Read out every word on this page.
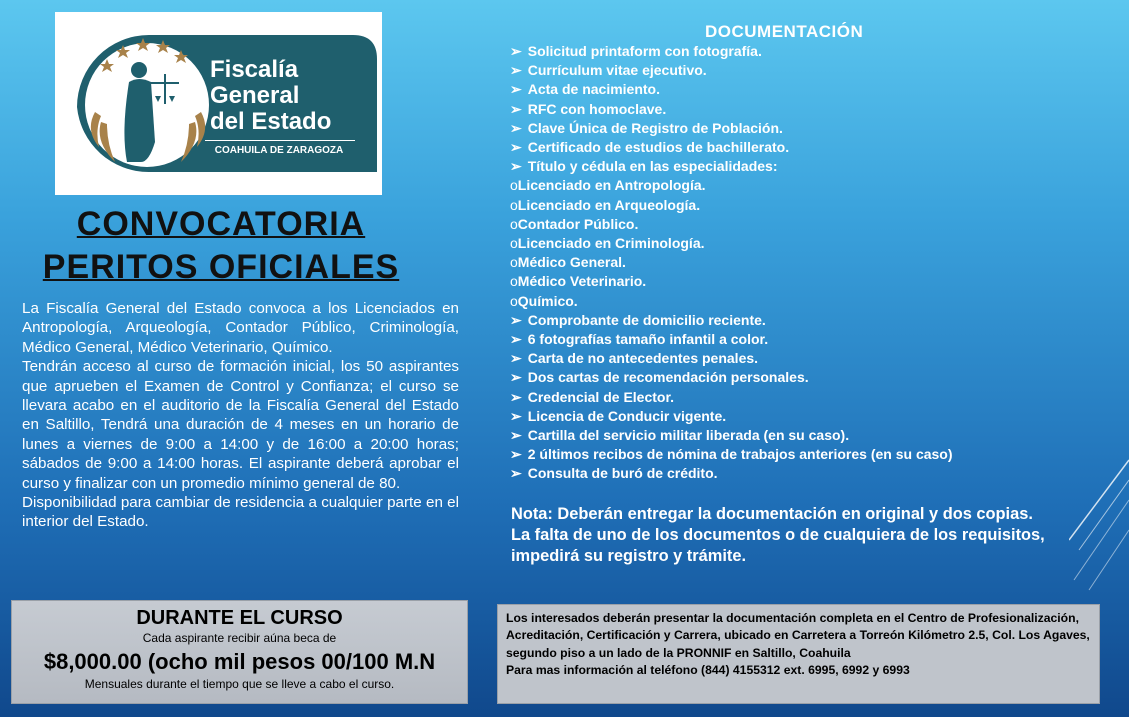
Fiscalía
General
del Estado
COAHUILA DE ZARAGOZA
CONVOCATORIA
PERITOS OFICIALES

La Fiscalía General del Estado convoca a los Licenciados en Antropología, Arqueología, Contador Público, Criminología, Médico General, Médico Veterinario, Químico.

Tendrán acceso al curso de formación inicial, los 50 aspirantes que aprueben el Examen de Control y Confianza; el curso se llevara acabo en el auditorio de la Fiscalía General del Estado en Saltillo, Tendrá una duración de 4 meses en un horario de lunes a viernes de 9:00 a 14:00 y de 16:00 a 20:00 horas; sábados de 9:00 a 14:00 horas. El aspirante deberá aprobar el curso y finalizar con un promedio mínimo general de 80.

Disponibilidad para cambiar de residencia a cualquier parte en el interior del Estado.

DURANTE EL CURSO
Cada aspirante recibir aúna beca de
$8,000.00 (ocho mil pesos 00/100 M.N
Mensuales durante el tiempo que se lleve a cabo el curso.
DOCUMENTACIÓN
➢ Solicitud printaform con fotografía.
➢ Currículum vitae ejecutivo.
➢ Acta de nacimiento.
➢ RFC con homoclave.
➢ Clave Única de Registro de Población.
➢ Certificado de estudios de bachillerato.
➢ Título y cédula en las especialidades:
o Licenciado en Antropología.
o Licenciado en Arqueología.
o Contador Público.
o Licenciado en Criminología.
o Médico General.
o Médico Veterinario.
o Químico.
➢ Comprobante de domicilio reciente.
➢ 6 fotografías tamaño infantil a color.
➢ Carta de no antecedentes penales.
➢ Dos cartas de recomendación personales.
➢ Credencial de Elector.
➢ Licencia de Conducir vigente.
➢ Cartilla del servicio militar liberada (en su caso).
➢ 2 últimos recibos de nómina de trabajos anteriores (en su caso)
➢ Consulta de buró de crédito.
Nota: Deberán entregar la documentación en original y dos copias.
La falta de uno de los documentos o de cualquiera de los requisitos, impedirá su registro y trámite.
Los interesados deberán presentar la documentación completa en el Centro de Profesionalización, Acreditación, Certificación y Carrera, ubicado en Carretera a Torreón Kilómetro 2.5, Col. Los Agaves, segundo piso a un lado de la PRONNIF en Saltillo, Coahuila
Para mas información al teléfono (844) 4155312 ext. 6995, 6992 y 6993
